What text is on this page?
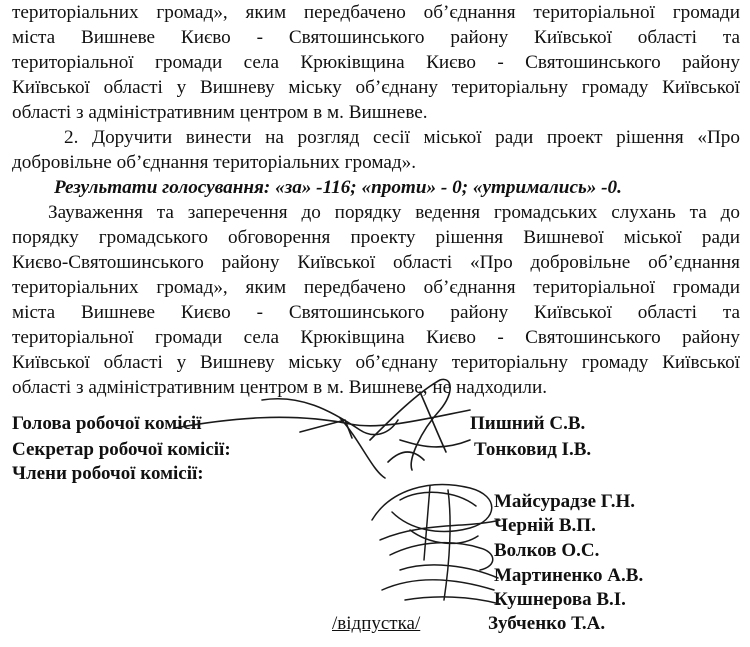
територіальних громад», яким передбачено об’єднання територіальної громади
міста Вишневе Києво - Святошинського району Київської області та
територіальної громади села Крюківщина Києво - Святошинського району
Київської області у Вишневу міську об’єднану територіальну громаду Київської
області з адміністративним центром в м. Вишневе.
2. Доручити винести на розгляд сесії міської ради проект рішення «Про
добровільне об’єднання територіальних громад».
Результати голосування: «за» -116; «проти» - 0; «утримались» -0.
Зауваження та заперечення до порядку ведення громадських слухань та до
порядку громадського обговорення проекту рішення Вишневої міської ради
Києво-Святошинського району Київської області «Про добровільне об’єднання
територіальних громад», яким передбачено об’єднання територіальної громади
міста Вишневе Києво - Святошинського району Київської області та
територіальної громади села Крюківщина Києво - Святошинського району
Київської області у Вишневу міську об’єднану територіальну громаду Київської
області з адміністративним центром в м. Вишневе, не надходили.
Голова робочої комісії	Пишний С.В.
Секретар робочої комісії:	Тонковид І.В.
Члени робочої комісії:
Майсурадзе Г.Н.
Черній В.П.
Волков О.С.
Мартиненко А.В.
Кушнерова В.І.
/відпустка/	Зубченко Т.А.
